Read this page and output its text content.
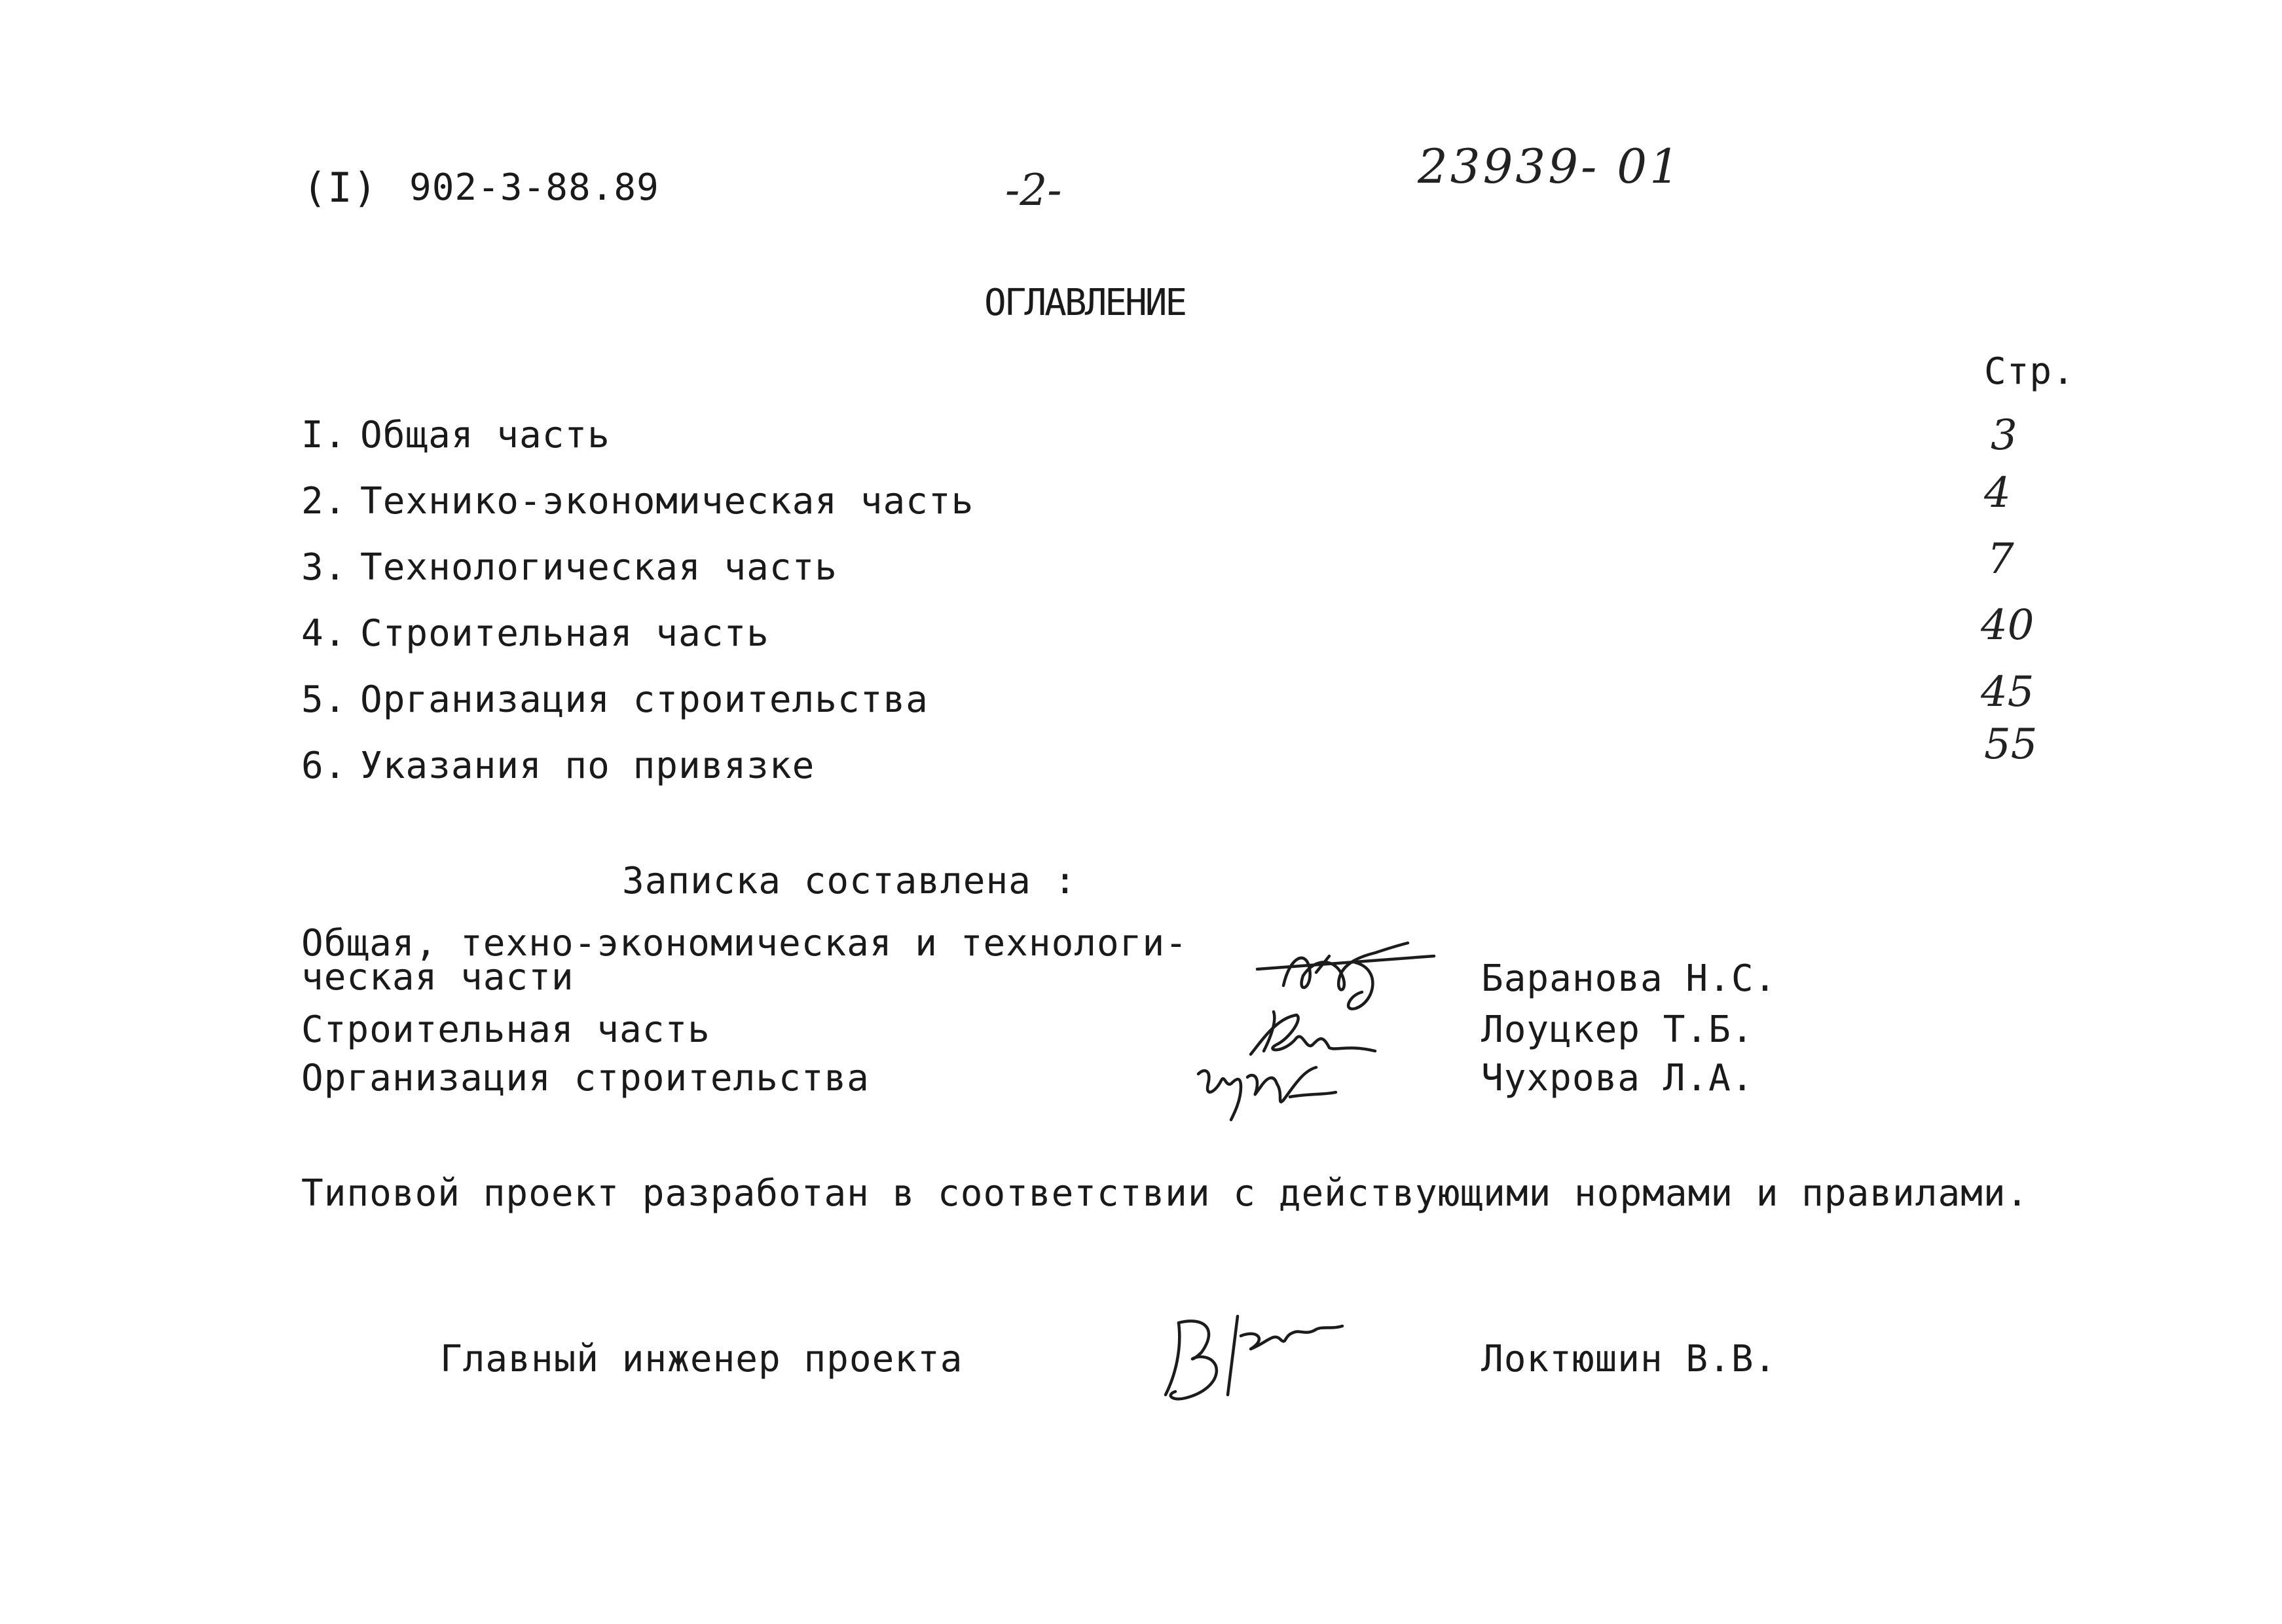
(I) 902-3-88.89	-2-	23939- 01
ОГЛАВЛЕНИЕ
Стр.
I. Общая часть	3
2. Технико-экономическая часть	4
3. Технологическая часть	7
4. Строительная часть	40
5. Организация строительства	45
6. Указания по привязке	55
Записка составлена :
Общая, техно-экономическая и технологи-
ческая части	Баранова Н.С.
Строительная часть	Лоуцкер Т.Б.
Организация строительства	Чухрова Л.А.
Типовой проект разработан в соответствии с действующими нормами и правилами.
Главный инженер проекта	Локтюшин В.В.
